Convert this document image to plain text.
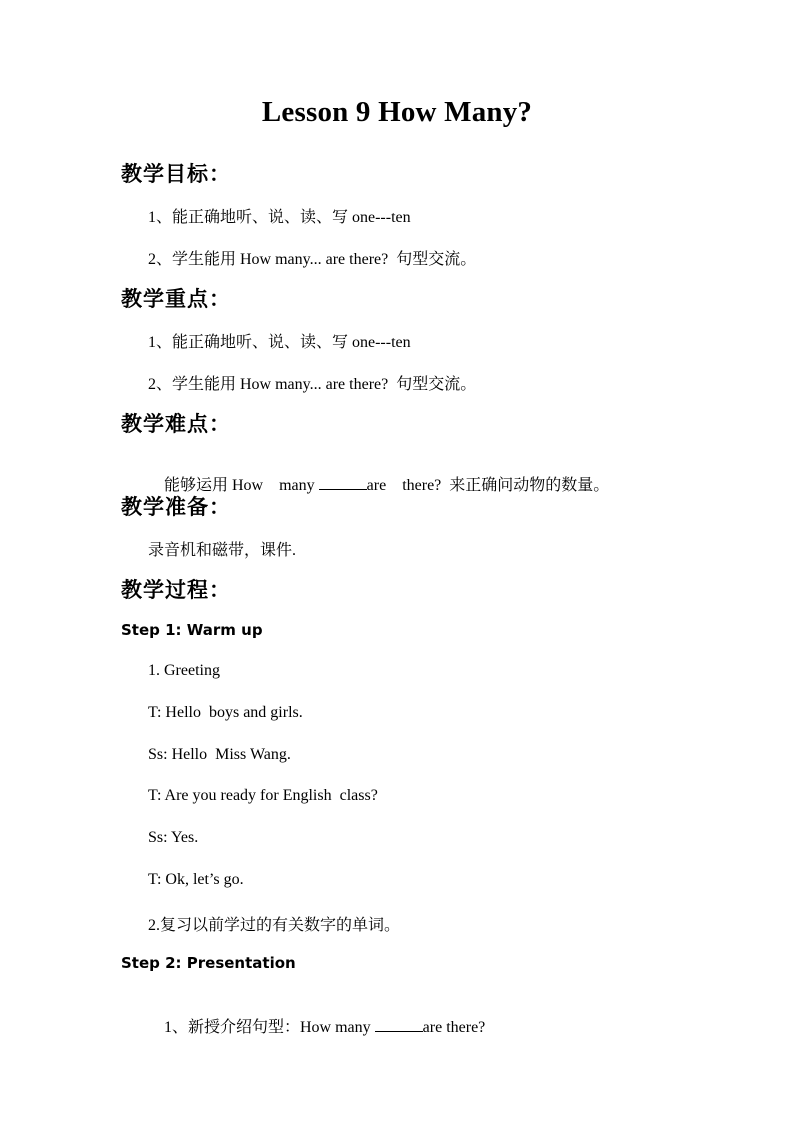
Lesson 9 How Many?
教学目标：
1、能正确地听、说、读、写 one---ten
2、学生能用 How many... are there?  句型交流。
教学重点：
1、能正确地听、说、读、写 one---ten
2、学生能用 How many... are there?  句型交流。
教学难点：

能够运用 How    many	are    there?  来正确问动物的数量。

教学准备：
录音机和磁带，课件.
教学过程：
Step 1: Warm up
1. Greeting
T: Hello  boys and girls.
Ss: Hello  Miss Wang.
T: Are you ready for English  class?
Ss: Yes.
T: Ok, let’s go.
2.复习以前学过的有关数字的单词。
Step 2: Presentation

1、新授介绍句型：How many	are there?
